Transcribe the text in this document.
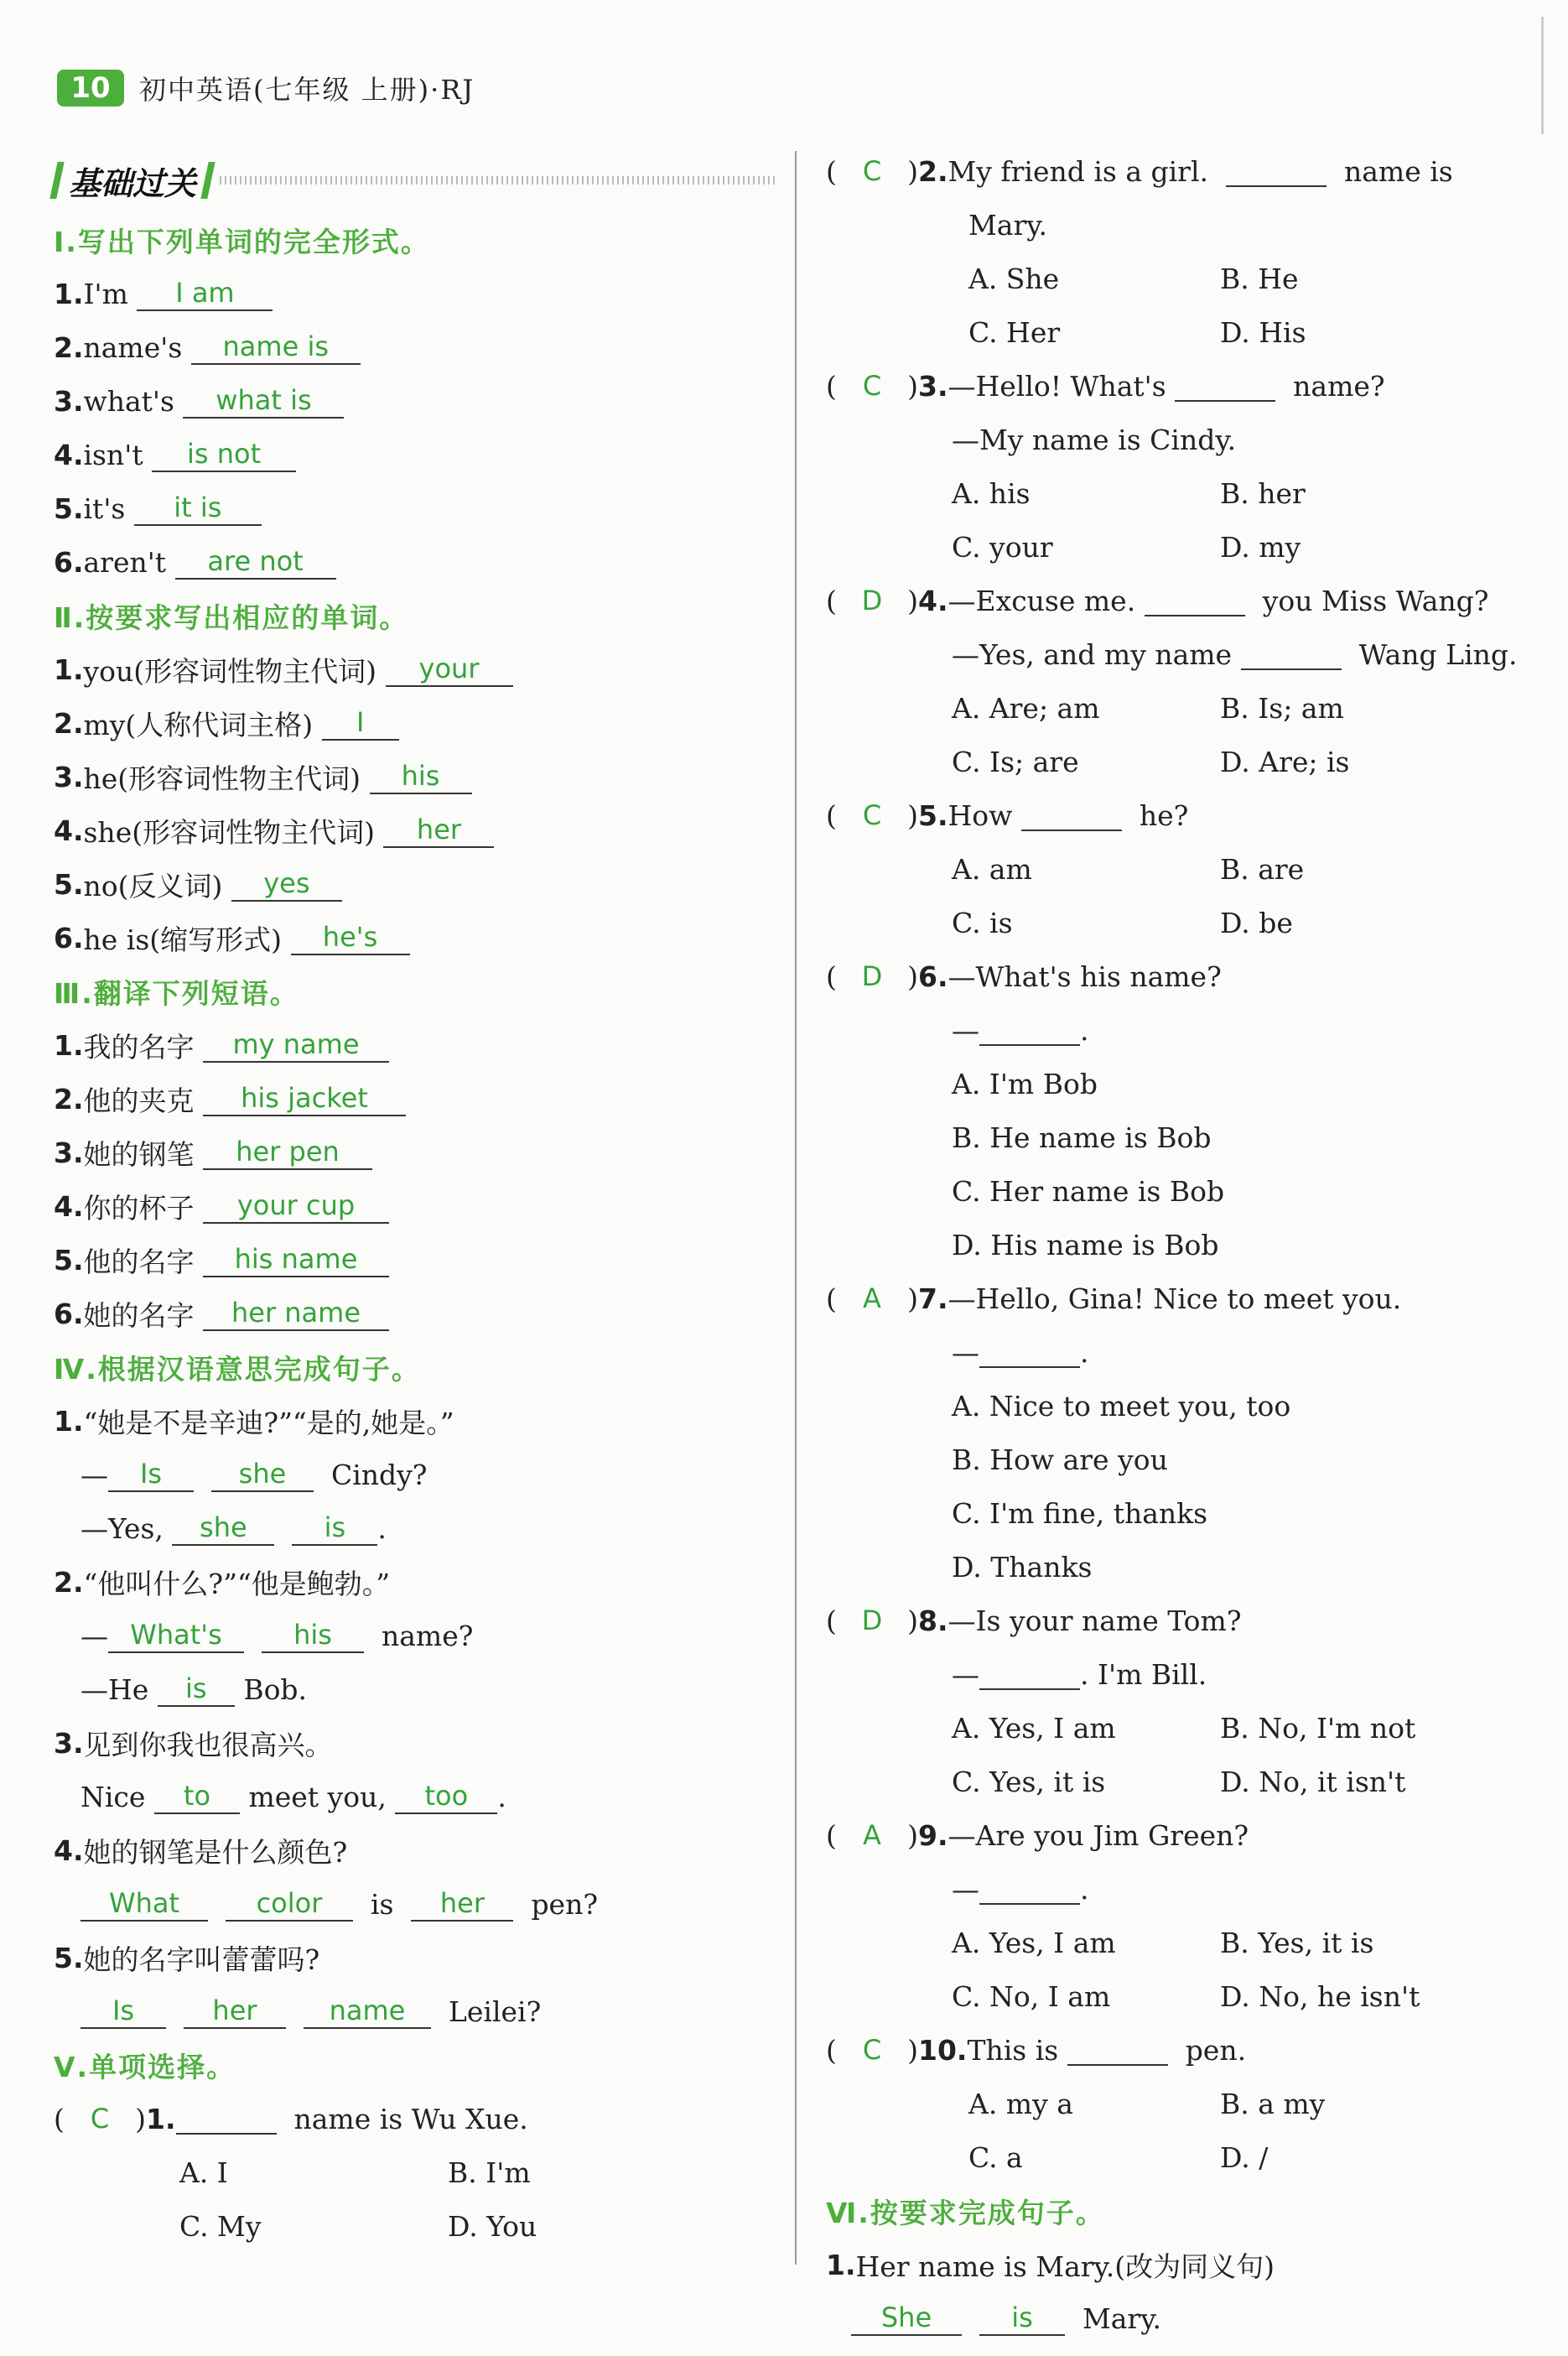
10	初中英语(七年级 上册)·RJ
基础过关
Ⅰ.写出下列单词的完全形式。
1. I'm
	I am
2. name's
	name is
3. what's
	what is
4. isn't
	is not
5. it's
	it is
6. aren't
	are not
Ⅱ.按要求写出相应的单词。
1. you(形容词性物主代词)
	your
2. my(人称代词主格)
	I
3. he(形容词性物主代词)
	his
4. she(形容词性物主代词)
	her
5. no(反义词)
	yes
6. he is(缩写形式)
	he's
Ⅲ.翻译下列短语。
1. 我的名字
	my name
2. 他的夹克
	his jacket
3. 她的钢笔
	her pen
4. 你的杯子
	your cup
5. 他的名字
	his name
6. 她的名字
	her name
Ⅳ.根据汉语意思完成句子。
1. “她是不是辛迪?”“是的,她是。”
—	Is
	she
	Cindy?
—Yes,
	she
	is	.
2. “他叫什么?”“他是鲍勃。”
— What's
	his
	name?
—He
	is
	Bob.
3. 见到你我也很高兴。
Nice
	to
	meet you,
	too	.
4. 她的钢笔是什么颜色?
What
	color
	is
	her
	pen?
5. 她的名字叫蕾蕾吗?
Is
	her
	name
	Leilei?
Ⅴ.单项选择。
( C ) 1.
	name is Wu Xue.
A. I	B. I'm
C. My	D. You
( C ) 2. My friend is a girl.

	name is
Mary.
A. She	B. He
C. Her	D. His
( C ) 3. —Hello! What's

	name?
—My name is Cindy.
A. his	B. her
C. your	D. my
( D ) 4. —Excuse me.

	you Miss Wang?
—Yes, and my name

	Wang Ling.
A. Are; am	B. Is; am
C. Is; are	D. Are; is
( C ) 5. How

	he?
A. am	B. are
C. is	D. be
( D ) 6. —What's his name?
—	.
A. I'm Bob
B. He name is Bob
C. Her name is Bob
D. His name is Bob
( A ) 7. —Hello, Gina! Nice to meet you.
—	.
A. Nice to meet you, too
B. How are you
C. I'm fine, thanks
D. Thanks
( D ) 8. —Is your name Tom?
—	. I'm Bill.
A. Yes, I am	B. No, I'm not
C. Yes, it is	D. No, it isn't
( A ) 9. —Are you Jim Green?
—	.
A. Yes, I am	B. Yes, it is
C. No, I am	D. No, he isn't
( C ) 10. This is

	pen.
A. my a	B. a my
C. a	D. /
Ⅵ.按要求完成句子。
1. Her name is Mary.(改为同义句)
She
	is
	Mary.
